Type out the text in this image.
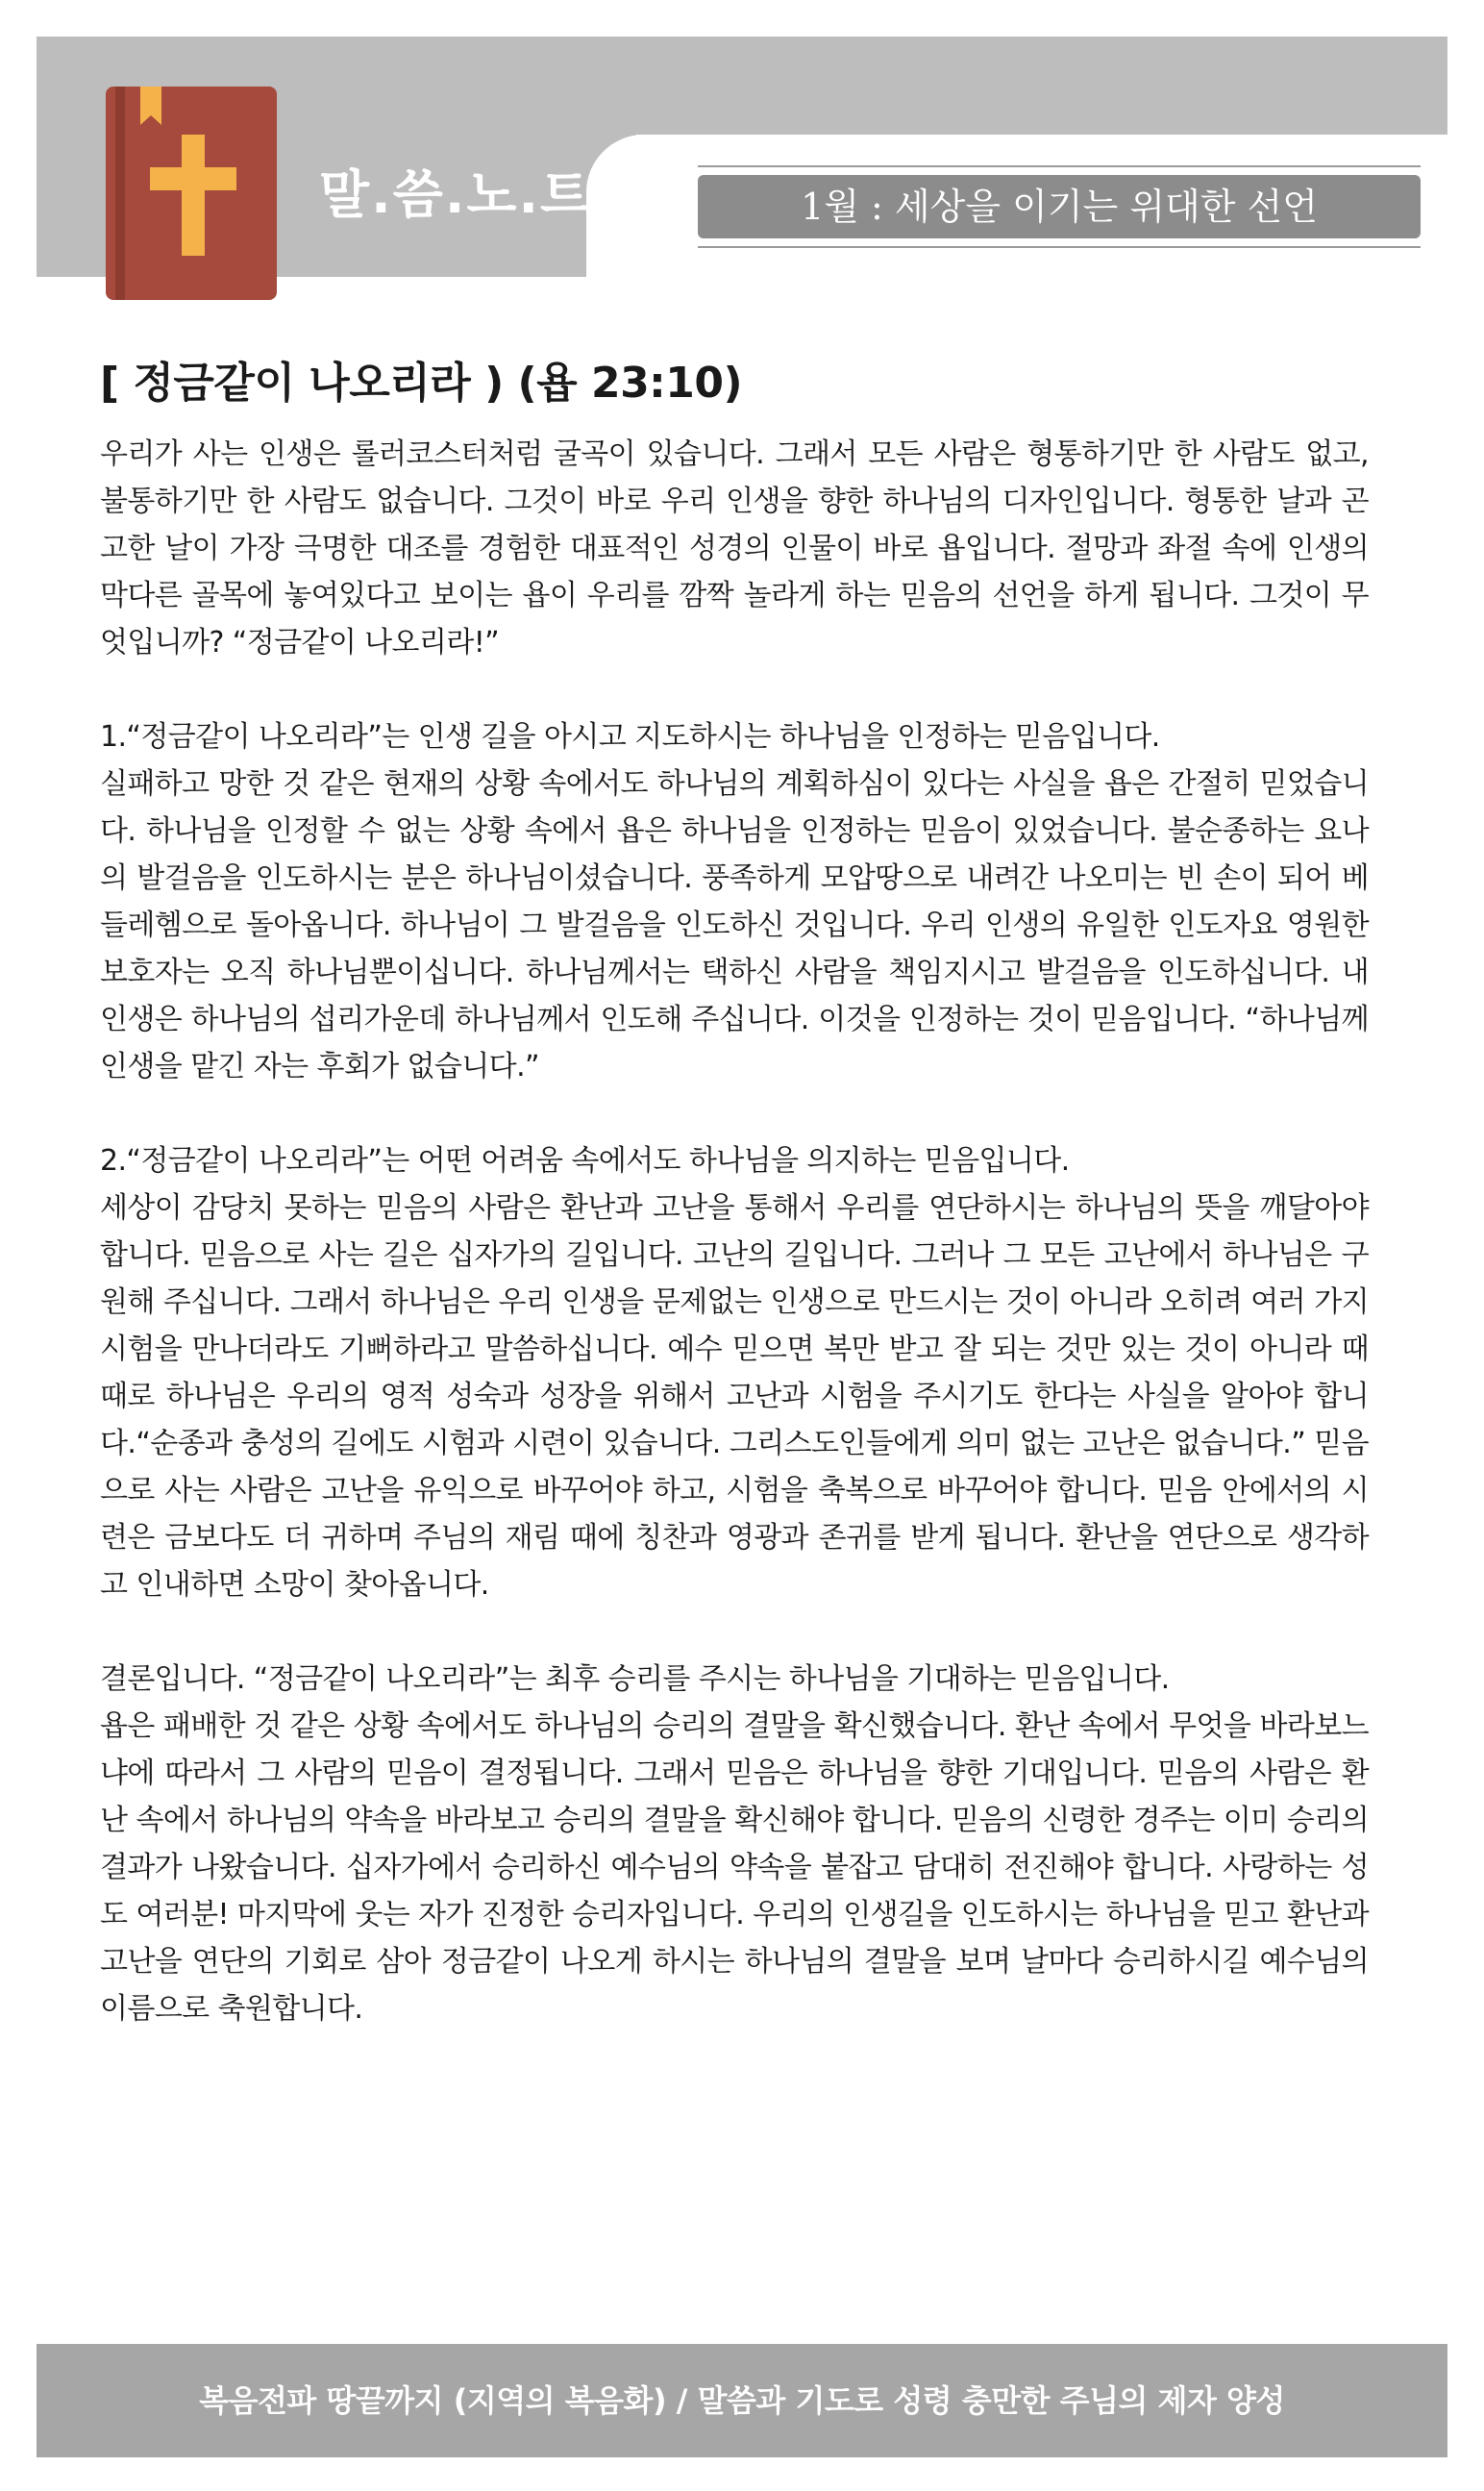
말.씀.노.트	1월 : 세상을 이기는 위대한 선언
[ 정금같이 나오리라 ) (욥 23:10)

우리가 사는 인생은 롤러코스터처럼 굴곡이 있습니다. 그래서 모든 사람은 형통하기만 한 사람도 없고, 불통하기만 한 사람도 없습니다. 그것이 바로 우리 인생을 향한 하나님의 디자인입니다. 형통한 날과 곤고한 날이 가장 극명한 대조를 경험한 대표적인 성경의 인물이 바로 욥입니다. 절망과 좌절 속에 인생의 막다른 골목에 놓여있다고 보이는 욥이 우리를 깜짝 놀라게 하는 믿음의 선언을 하게 됩니다. 그것이 무엇입니까? “정금같이 나오리라!”

1.“정금같이 나오리라”는 인생 길을 아시고 지도하시는 하나님을 인정하는 믿음입니다.

실패하고 망한 것 같은 현재의 상황 속에서도 하나님의 계획하심이 있다는 사실을 욥은 간절히 믿었습니다. 하나님을 인정할 수 없는 상황 속에서 욥은 하나님을 인정하는 믿음이 있었습니다. 불순종하는 요나의 발걸음을 인도하시는 분은 하나님이셨습니다. 풍족하게 모압땅으로 내려간 나오미는 빈 손이 되어 베들레헴으로 돌아옵니다. 하나님이 그 발걸음을 인도하신 것입니다. 우리 인생의 유일한 인도자요 영원한 보호자는 오직 하나님뿐이십니다. 하나님께서는 택하신 사람을 책임지시고 발걸음을 인도하십니다. 내 인생은 하나님의 섭리가운데 하나님께서 인도해 주십니다. 이것을 인정하는 것이 믿음입니다. “하나님께 인생을 맡긴 자는 후회가 없습니다.”

2.“정금같이 나오리라”는 어떤 어려움 속에서도 하나님을 의지하는 믿음입니다.

세상이 감당치 못하는 믿음의 사람은 환난과 고난을 통해서 우리를 연단하시는 하나님의 뜻을 깨달아야 합니다. 믿음으로 사는 길은 십자가의 길입니다. 고난의 길입니다. 그러나 그 모든 고난에서 하나님은 구원해 주십니다. 그래서 하나님은 우리 인생을 문제없는 인생으로 만드시는 것이 아니라 오히려 여러 가지 시험을 만나더라도 기뻐하라고 말씀하십니다. 예수 믿으면 복만 받고 잘 되는 것만 있는 것이 아니라 때때로 하나님은 우리의 영적 성숙과 성장을 위해서 고난과 시험을 주시기도 한다는 사실을 알아야 합니다.“순종과 충성의 길에도 시험과 시련이 있습니다. 그리스도인들에게 의미 없는 고난은 없습니다.” 믿음으로 사는 사람은 고난을 유익으로 바꾸어야 하고, 시험을 축복으로 바꾸어야 합니다. 믿음 안에서의 시련은 금보다도 더 귀하며 주님의 재림 때에 칭찬과 영광과 존귀를 받게 됩니다. 환난을 연단으로 생각하고 인내하면 소망이 찾아옵니다.

결론입니다. “정금같이 나오리라”는 최후 승리를 주시는 하나님을 기대하는 믿음입니다.

욥은 패배한 것 같은 상황 속에서도 하나님의 승리의 결말을 확신했습니다. 환난 속에서 무엇을 바라보느냐에 따라서 그 사람의 믿음이 결정됩니다. 그래서 믿음은 하나님을 향한 기대입니다. 믿음의 사람은 환난 속에서 하나님의 약속을 바라보고 승리의 결말을 확신해야 합니다. 믿음의 신령한 경주는 이미 승리의 결과가 나왔습니다. 십자가에서 승리하신 예수님의 약속을 붙잡고 담대히 전진해야 합니다. 사랑하는 성도 여러분! 마지막에 웃는 자가 진정한 승리자입니다. 우리의 인생길을 인도하시는 하나님을 믿고 환난과 고난을 연단의 기회로 삼아 정금같이 나오게 하시는 하나님의 결말을 보며 날마다 승리하시길 예수님의 이름으로 축원합니다.

복음전파 땅끝까지 (지역의 복음화) / 말씀과 기도로 성령 충만한 주님의 제자 양성
